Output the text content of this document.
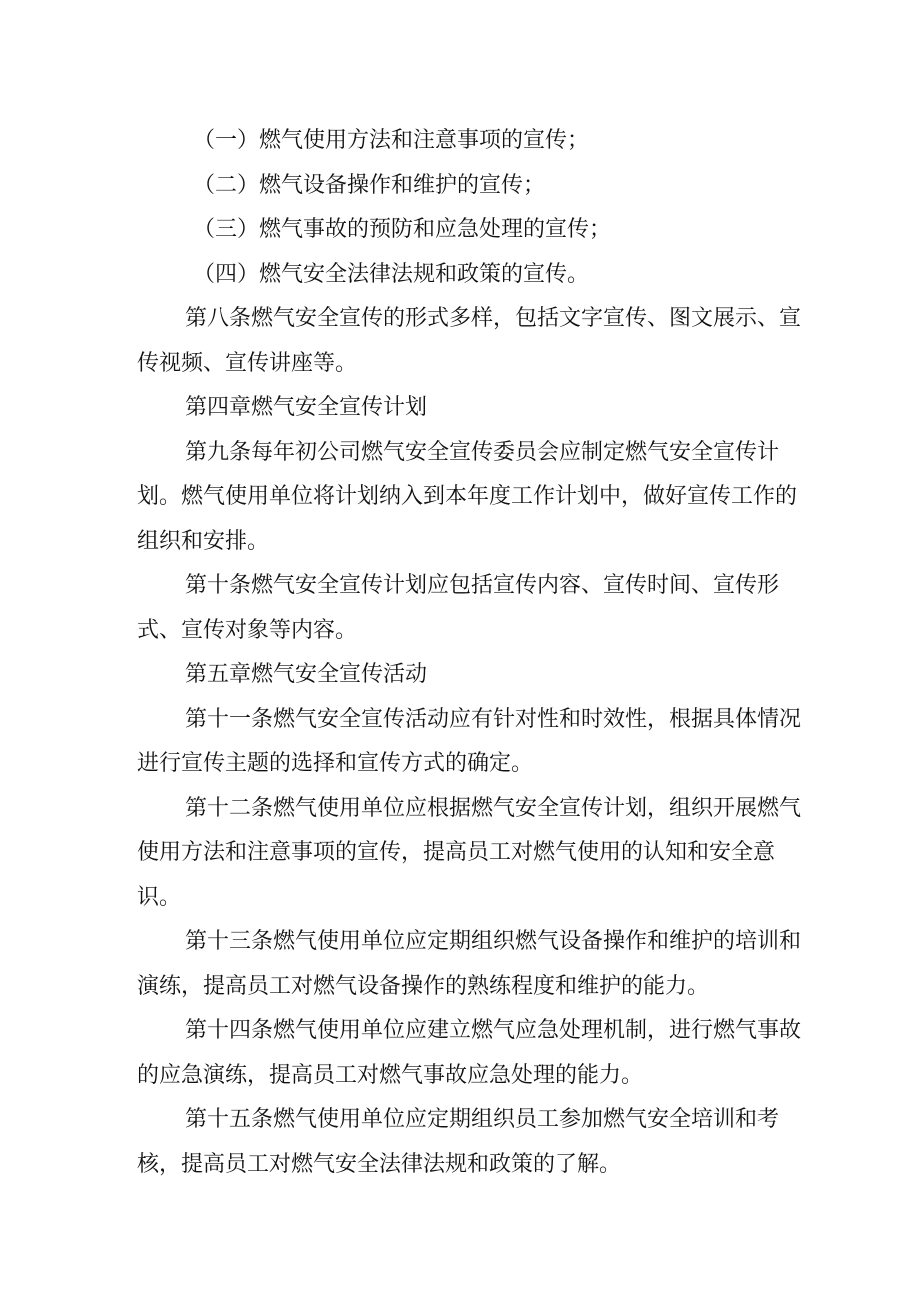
（一）燃气使用方法和注意事项的宣传；

（二）燃气设备操作和维护的宣传；

（三）燃气事故的预防和应急处理的宣传；

（四）燃气安全法律法规和政策的宣传。

第八条燃气安全宣传的形式多样，包括文字宣传、图文展示、宣传视频、宣传讲座等。

第四章燃气安全宣传计划

第九条每年初公司燃气安全宣传委员会应制定燃气安全宣传计划。燃气使用单位将计划纳入到本年度工作计划中，做好宣传工作的组织和安排。

第十条燃气安全宣传计划应包括宣传内容、宣传时间、宣传形式、宣传对象等内容。

第五章燃气安全宣传活动

第十一条燃气安全宣传活动应有针对性和时效性，根据具体情况进行宣传主题的选择和宣传方式的确定。

第十二条燃气使用单位应根据燃气安全宣传计划，组织开展燃气使用方法和注意事项的宣传，提高员工对燃气使用的认知和安全意识。

第十三条燃气使用单位应定期组织燃气设备操作和维护的培训和演练，提高员工对燃气设备操作的熟练程度和维护的能力。

第十四条燃气使用单位应建立燃气应急处理机制，进行燃气事故的应急演练，提高员工对燃气事故应急处理的能力。

第十五条燃气使用单位应定期组织员工参加燃气安全培训和考核，提高员工对燃气安全法律法规和政策的了解。
